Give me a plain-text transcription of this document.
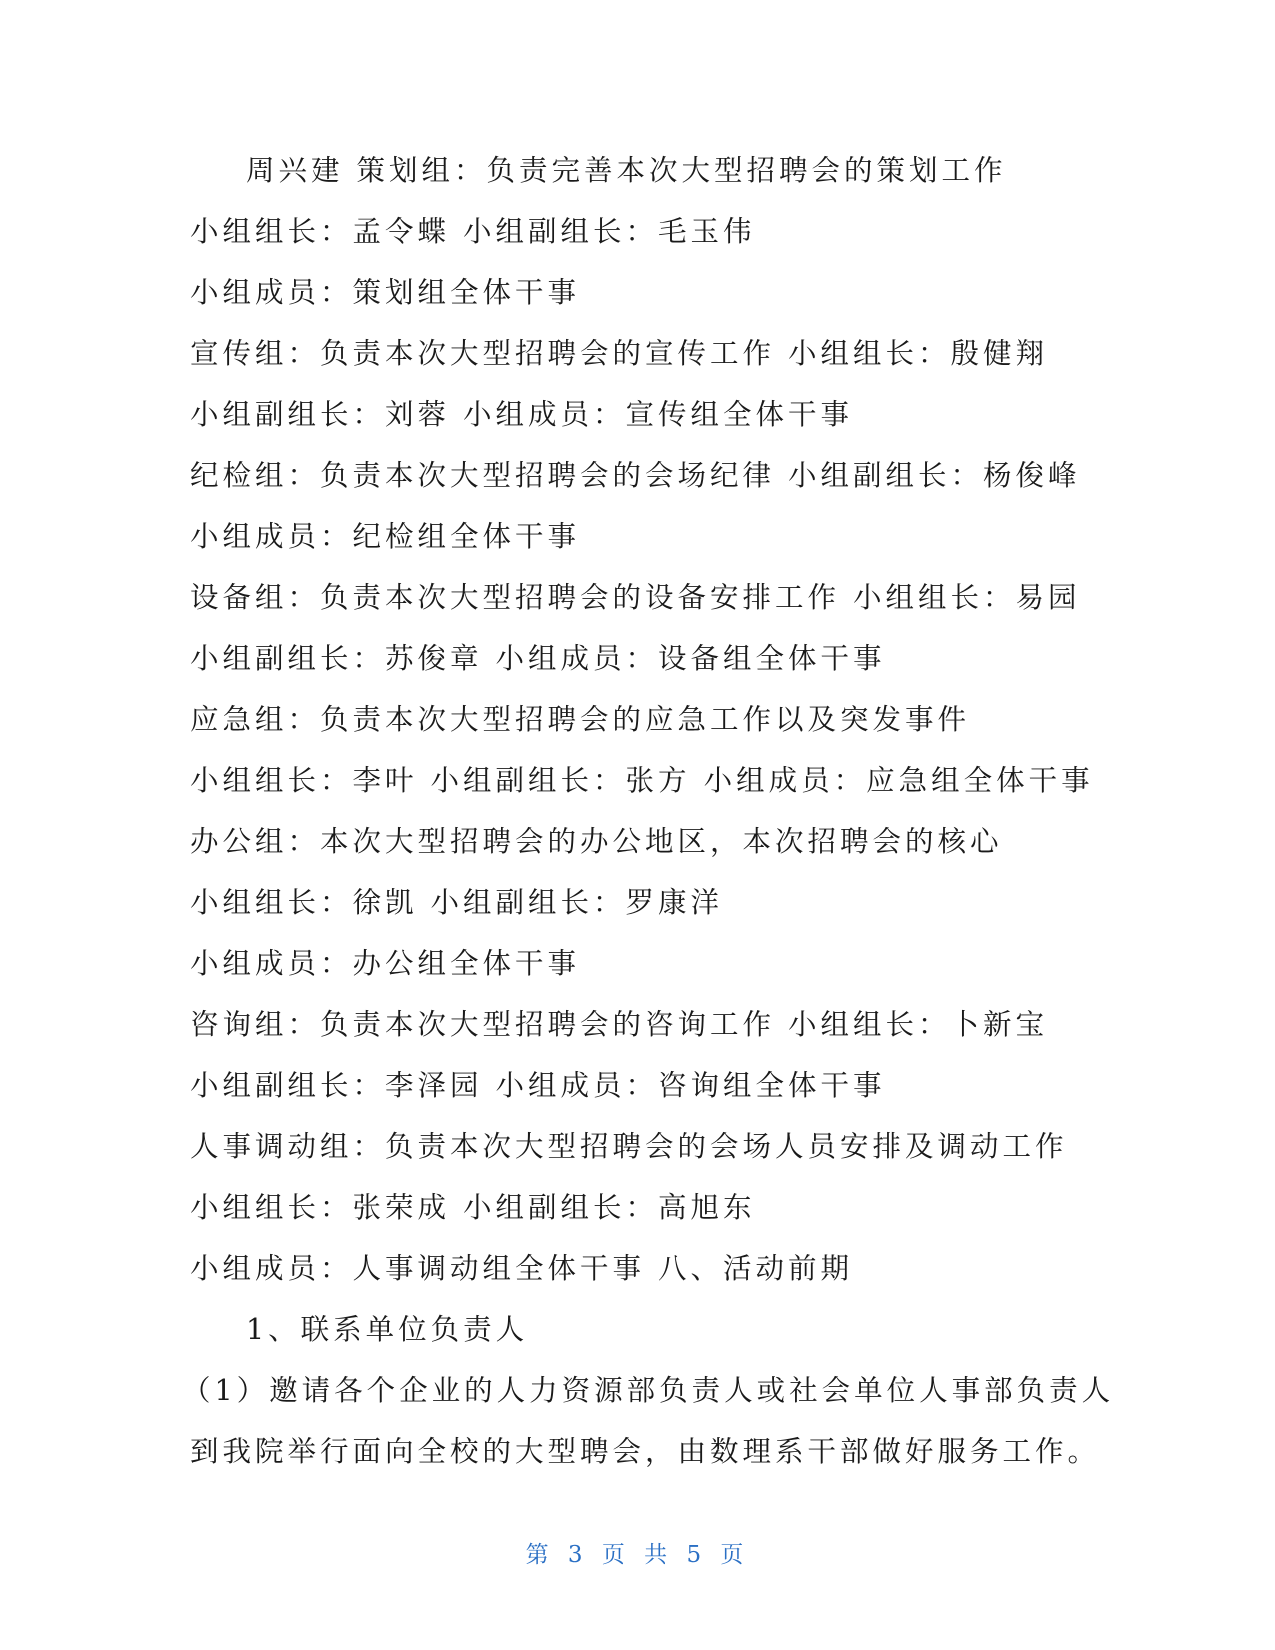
周兴建 策划组：负责完善本次大型招聘会的策划工作
小组组长：孟令蝶 小组副组长：毛玉伟
小组成员：策划组全体干事
宣传组：负责本次大型招聘会的宣传工作 小组组长：殷健翔
小组副组长：刘蓉 小组成员：宣传组全体干事
纪检组：负责本次大型招聘会的会场纪律 小组副组长：杨俊峰
小组成员：纪检组全体干事
设备组：负责本次大型招聘会的设备安排工作 小组组长：易园
小组副组长：苏俊章 小组成员：设备组全体干事
应急组：负责本次大型招聘会的应急工作以及突发事件
小组组长：李叶 小组副组长：张方 小组成员：应急组全体干事
办公组：本次大型招聘会的办公地区，本次招聘会的核心
小组组长：徐凯 小组副组长：罗康洋
小组成员：办公组全体干事
咨询组：负责本次大型招聘会的咨询工作 小组组长：卜新宝
小组副组长：李泽园 小组成员：咨询组全体干事
人事调动组：负责本次大型招聘会的会场人员安排及调动工作
小组组长：张荣成 小组副组长：高旭东
小组成员：人事调动组全体干事 八、活动前期
1、联系单位负责人
（1）邀请各个企业的人力资源部负责人或社会单位人事部负责人
到我院举行面向全校的大型聘会，由数理系干部做好服务工作。
第 3 页 共 5 页
